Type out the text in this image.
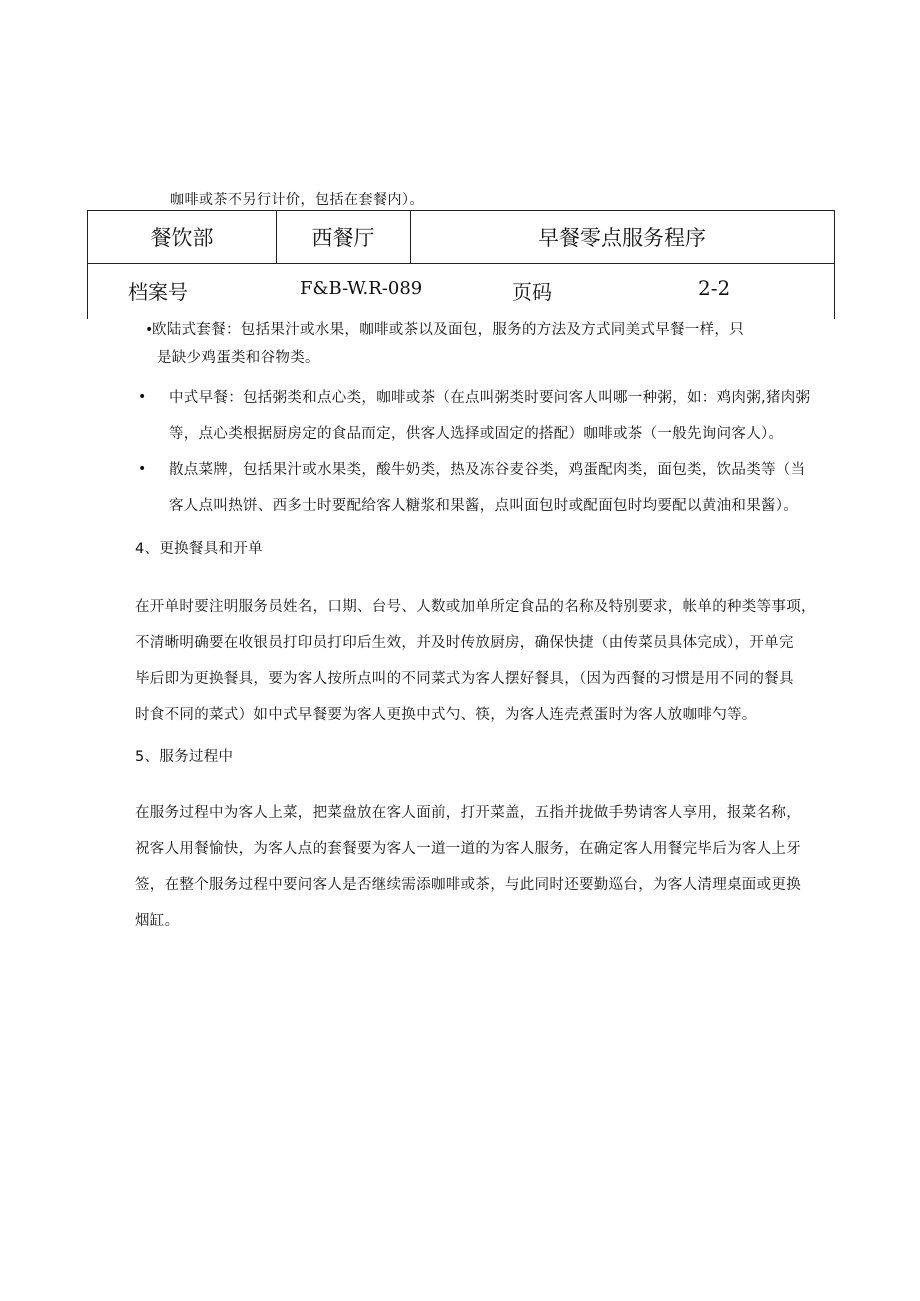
咖啡或茶不另行计价，包括在套餐内）。
餐饮部	西餐厅	早餐零点服务程序
档案号	F&B-W.R-089	页码	2-2
•
欧陆式套餐：包括果汁或水果，咖啡或茶以及面包，服务的方法及方式同美式早餐一样，只
是缺少鸡蛋类和谷物类。
• 中式早餐：包括粥类和点心类，咖啡或茶（在点叫粥类时要问客人叫哪一种粥，如：鸡肉粥,猪肉粥
等，点心类根据厨房定的食品而定，供客人选择或固定的搭配）咖啡或茶（一般先询问客人）。
• 散点菜牌，包括果汁或水果类，酸牛奶类，热及冻谷麦谷类，鸡蛋配肉类，面包类，饮品类等（当
客人点叫热饼、西多士时要配给客人糖浆和果酱，点叫面包时或配面包时均要配以黄油和果酱）。
4、更换餐具和开单
在开单时要注明服务员姓名，口期、台号、人数或加单所定食品的名称及特别要求，帐单的种类等事项，
不清晰明确要在收银员打印员打印后生效，并及时传放厨房，确保快捷（由传菜员具体完成），开单完
毕后即为更换餐具，要为客人按所点叫的不同菜式为客人摆好餐具，（因为西餐的习惯是用不同的餐具
时食不同的菜式）如中式早餐要为客人更换中式勺、筷，为客人连壳煮蛋时为客人放咖啡勺等。
5、服务过程中
在服务过程中为客人上菜，把菜盘放在客人面前，打开菜盖，五指并拢做手势请客人享用，报菜名称，
祝客人用餐愉快，为客人点的套餐要为客人一道一道的为客人服务，在确定客人用餐完毕后为客人上牙
签，在整个服务过程中要问客人是否继续需添咖啡或茶，与此同时还要勤巡台，为客人清理桌面或更换
烟缸。
